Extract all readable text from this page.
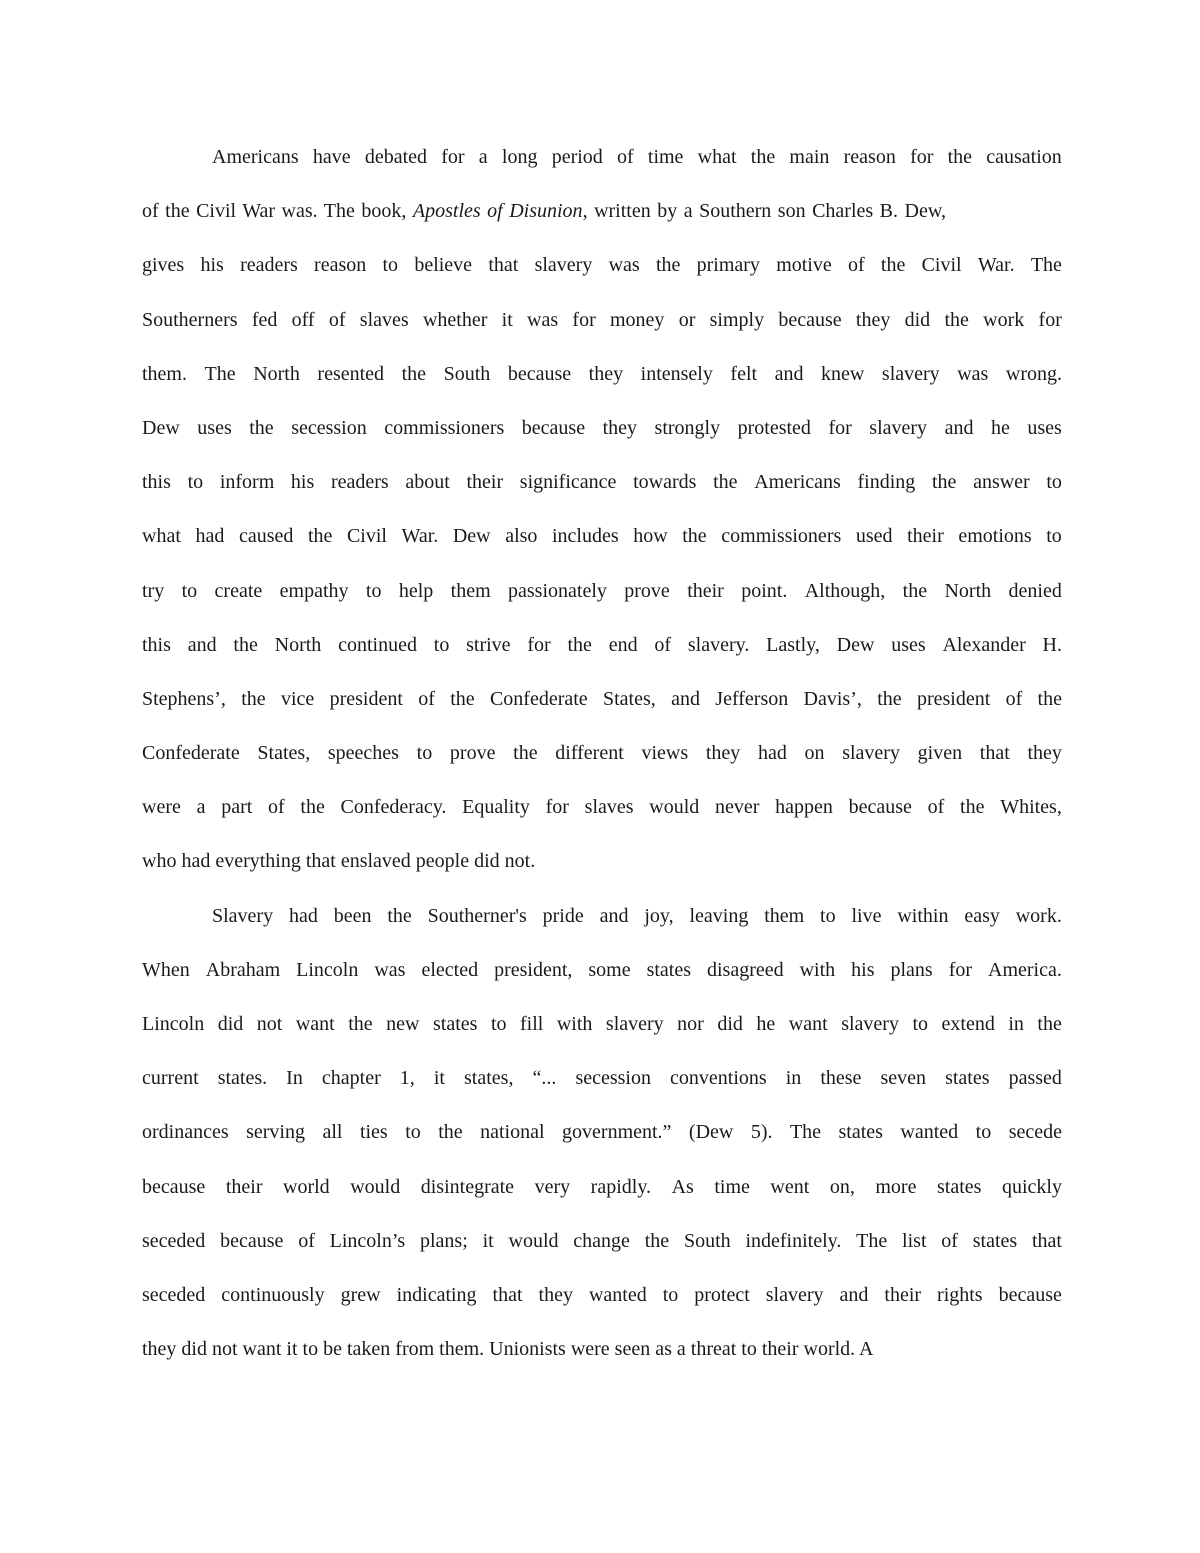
Americans have debated for a long period of time what the main reason for the causation
of the Civil War was. The book, Apostles of Disunion , written by a Southern son Charles B. Dew,
gives his readers reason to believe that slavery was the primary motive of the Civil War. The
Southerners fed off of slaves whether it was for money or simply because they did the work for
them. The North resented the South because they intensely felt and knew slavery was wrong.
Dew uses the secession commissioners because they strongly protested for slavery and he uses
this to inform his readers about their significance towards the Americans finding the answer to
what had caused the Civil War. Dew also includes how the commissioners used their emotions to
try to create empathy to help them passionately prove their point. Although, the North denied
this and the North continued to strive for the end of slavery. Lastly, Dew uses Alexander H.
Stephens’, the vice president of the Confederate States, and Jefferson Davis’, the president of the
Confederate States, speeches to prove the different views they had on slavery given that they
were a part of the Confederacy. Equality for slaves would never happen because of the Whites,
who had everything that enslaved people did not.
Slavery had been the Southerner's pride and joy, leaving them to live within easy work.
When Abraham Lincoln was elected president, some states disagreed with his plans for America.
Lincoln did not want the new states to fill with slavery nor did he want slavery to extend in the
current states. In chapter 1, it states, “... secession conventions in these seven states passed
ordinances serving all ties to the national government.” (Dew 5). The states wanted to secede
because their world would disintegrate very rapidly. As time went on, more states quickly
seceded because of Lincoln’s plans; it would change the South indefinitely. The list of states that
seceded continuously grew indicating that they wanted to protect slavery and their rights because
they did not want it to be taken from them. Unionists were seen as a threat to their world. A
